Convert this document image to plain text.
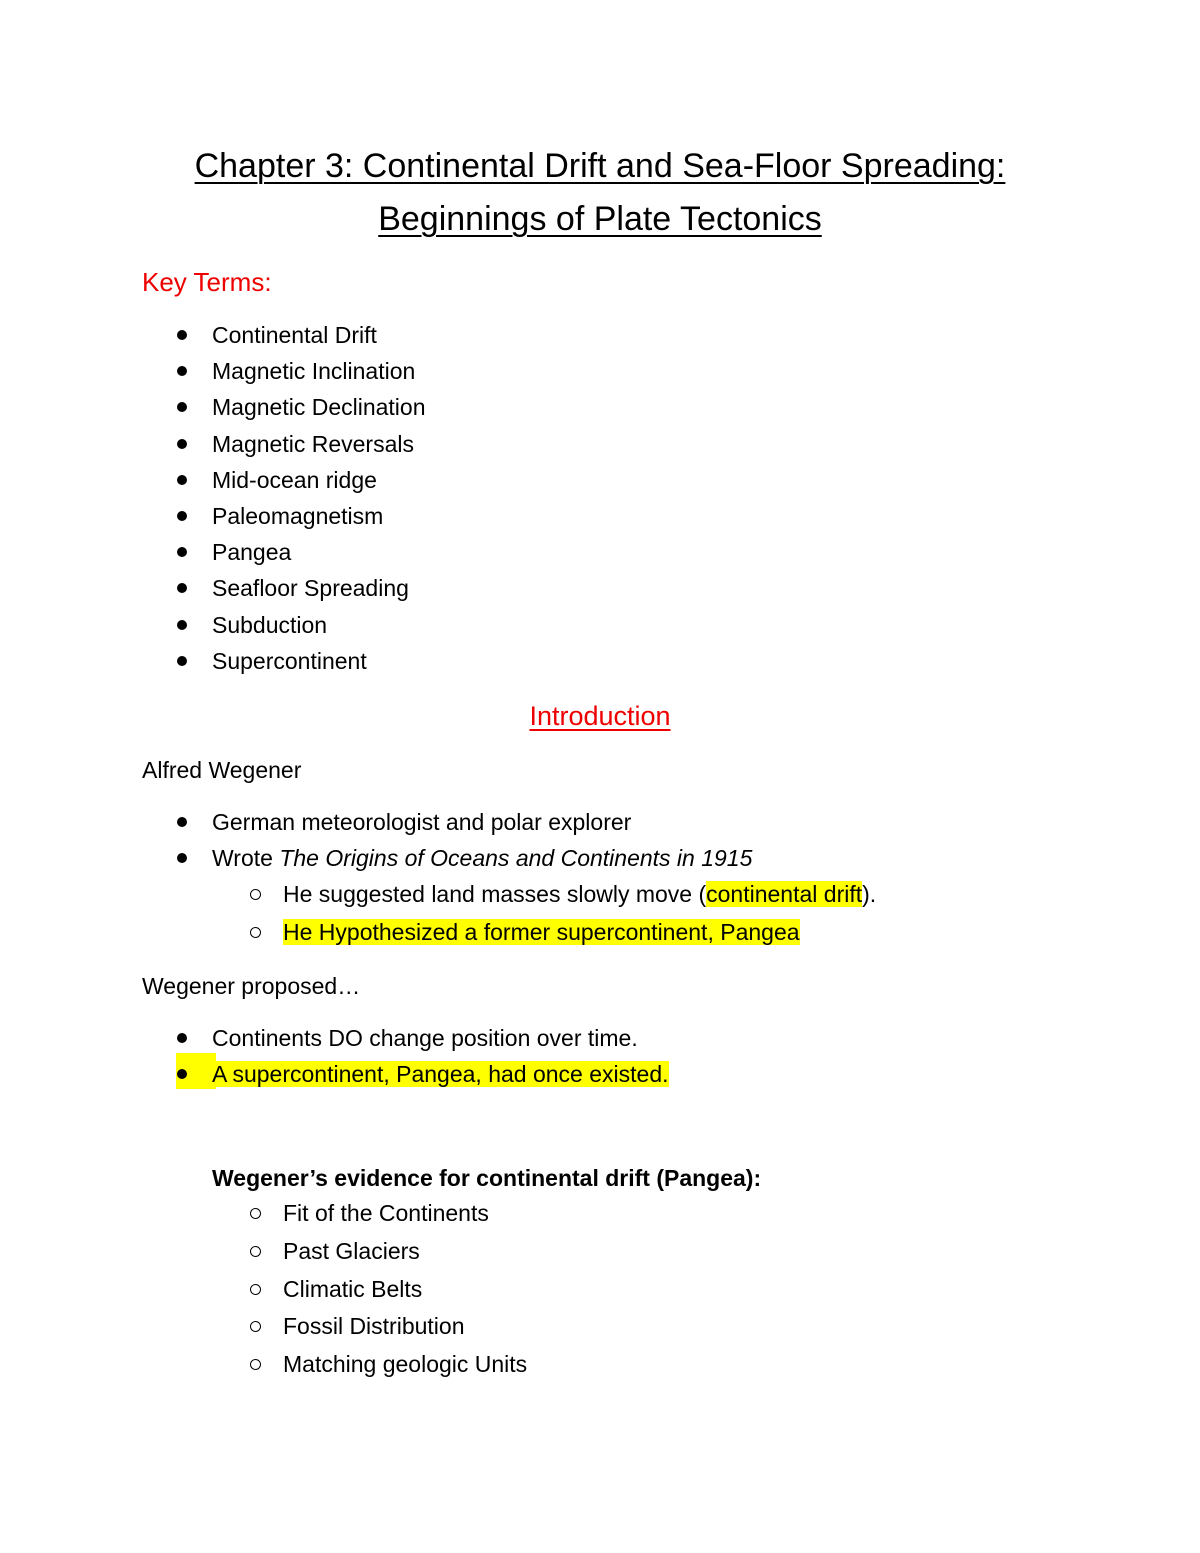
Chapter 3: Continental Drift and Sea-Floor Spreading:
Beginnings of Plate Tectonics
Key Terms:
Continental Drift
Magnetic Inclination
Magnetic Declination
Magnetic Reversals
Mid-ocean ridge
Paleomagnetism
Pangea
Seafloor Spreading
Subduction
Supercontinent
Introduction
Alfred Wegener
German meteorologist and polar explorer
Wrote The Origins of Oceans and Continents in 1915
He suggested land masses slowly move (continental drift).
He Hypothesized a former supercontinent, Pangea
Wegener proposed…
Continents DO change position over time.
A supercontinent, Pangea, had once existed.
Wegener’s evidence for continental drift (Pangea):
Fit of the Continents
Past Glaciers
Climatic Belts
Fossil Distribution
Matching geologic Units
